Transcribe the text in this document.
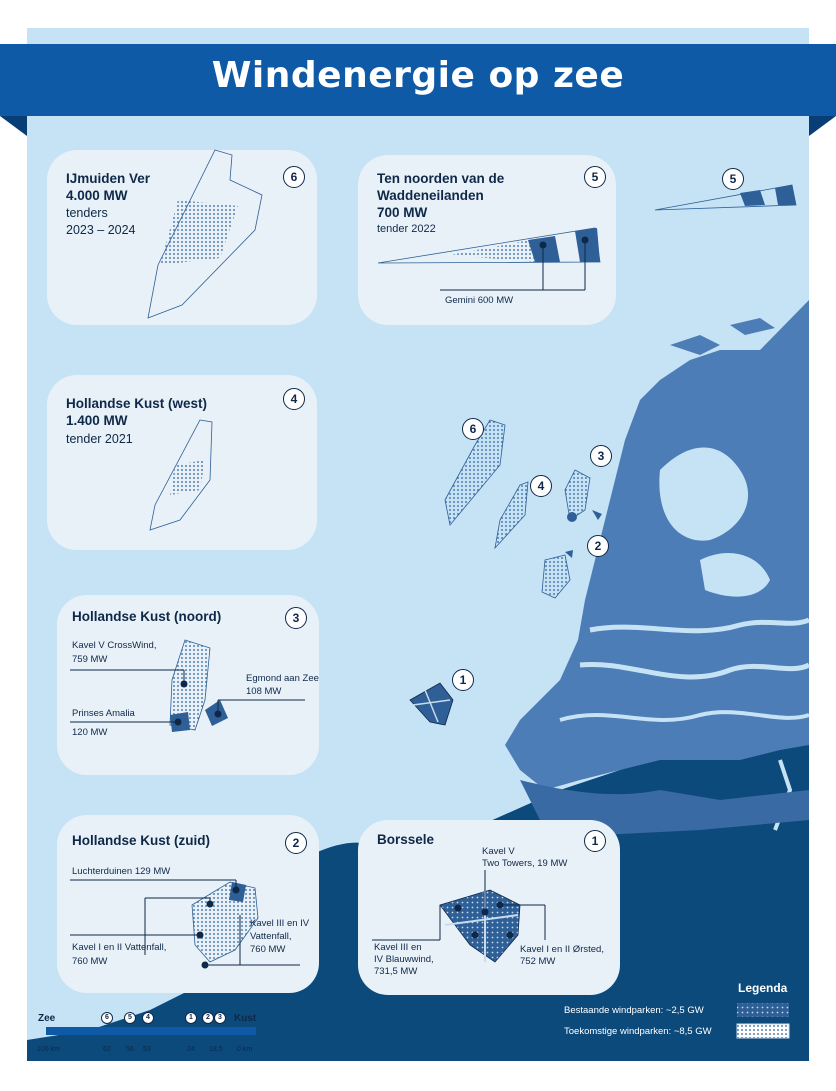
Windenergie op zee
IJmuiden Ver
4.000 MW
tenders
2023 – 2024
6	Ten noorden van de
Waddeneilanden
700 MW
tender 2022
Gemini 600 MW
5
Hollandse Kust (west)
1.400 MW
tender 2021
4
Hollandse Kust (noord)
Kavel V CrossWind,
759 MW
Egmond aan Zee
108 MW
Prinses Amalia
120 MW
3
Hollandse Kust (zuid)
Luchterduinen 129 MW
Kavel III en IV
Vattenfall,
760 MW
Kavel I en II Vattenfall,
760 MW
2	Borssele
Kavel V
Two Towers, 19 MW
Kavel III en
IV Blauwwind,
731,5 MW
Kavel I en II Ørsted,
752 MW
1
6
4
3
2
1
5
Legenda
Bestaande windparken: ~2,5 GW
Toekomstige windparken: ~8,5 GW
Zee	Kust
100 km	0 km
6
62
5
56
4
53
1
24
2
18,5
3
